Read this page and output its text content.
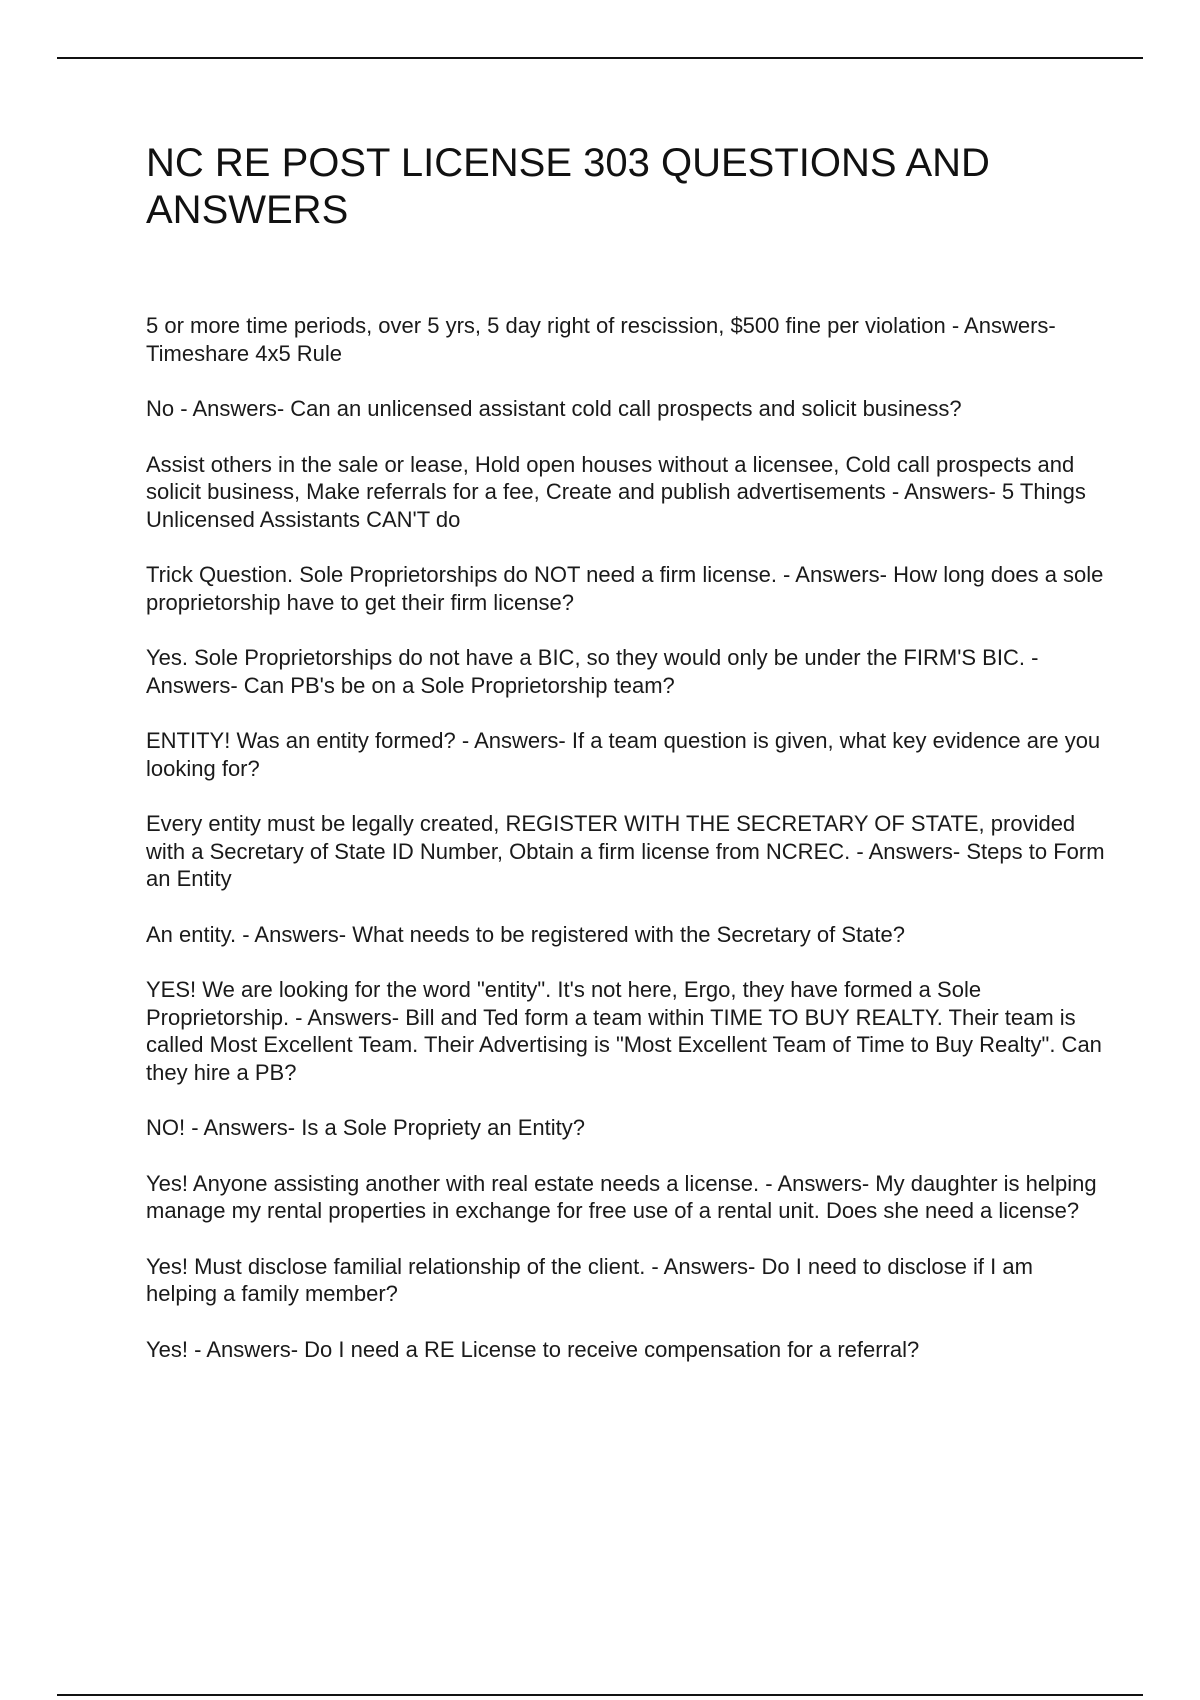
NC RE POST LICENSE 303 QUESTIONS AND ANSWERS

5 or more time periods, over 5 yrs, 5 day right of rescission, $500 fine per violation - Answers- Timeshare 4x5 Rule

No - Answers- Can an unlicensed assistant cold call prospects and solicit business?

Assist others in the sale or lease, Hold open houses without a licensee, Cold call prospects and solicit business, Make referrals for a fee, Create and publish advertisements - Answers- 5 Things Unlicensed Assistants CAN'T do

Trick Question. Sole Proprietorships do NOT need a firm license. - Answers- How long does a sole proprietorship have to get their firm license?

Yes. Sole Proprietorships do not have a BIC, so they would only be under the FIRM'S BIC. - Answers- Can PB's be on a Sole Proprietorship team?

ENTITY! Was an entity formed? - Answers- If a team question is given, what key evidence are you looking for?

Every entity must be legally created, REGISTER WITH THE SECRETARY OF STATE, provided with a Secretary of State ID Number, Obtain a firm license from NCREC. - Answers- Steps to Form an Entity

An entity. - Answers- What needs to be registered with the Secretary of State?

YES! We are looking for the word "entity". It's not here, Ergo, they have formed a Sole Proprietorship. - Answers- Bill and Ted form a team within TIME TO BUY REALTY. Their team is called Most Excellent Team. Their Advertising is "Most Excellent Team of Time to Buy Realty". Can they hire a PB?

NO! - Answers- Is a Sole Propriety an Entity?

Yes! Anyone assisting another with real estate needs a license. - Answers- My daughter is helping manage my rental properties in exchange for free use of a rental unit. Does she need a license?

Yes! Must disclose familial relationship of the client. - Answers- Do I need to disclose if I am helping a family member?

Yes! - Answers- Do I need a RE License to receive compensation for a referral?
